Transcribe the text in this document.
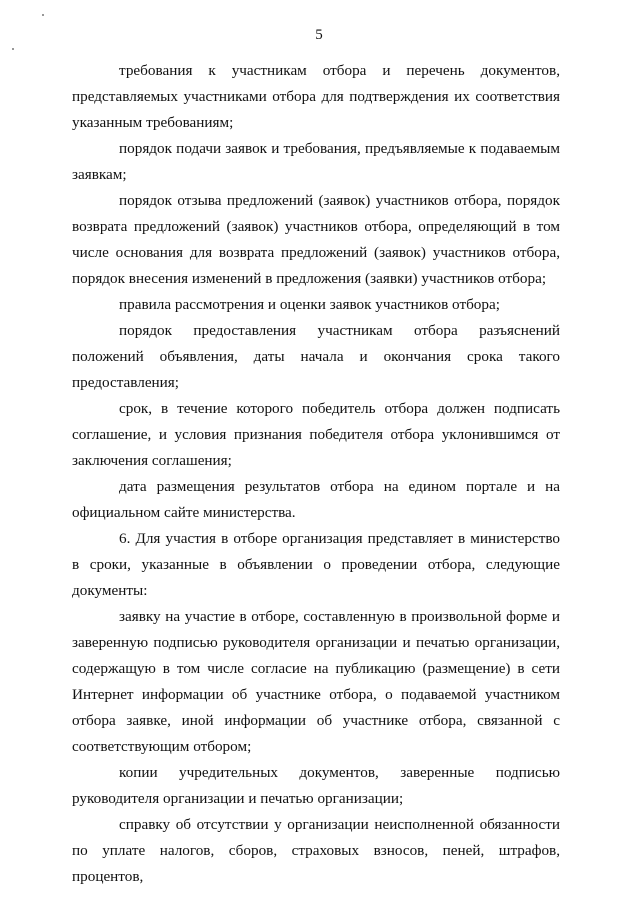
5

требования к участникам отбора и перечень документов, представляемых участниками отбора для подтверждения их соответствия указанным требованиям;

порядок подачи заявок и требования, предъявляемые к подаваемым заявкам;

порядок отзыва предложений (заявок) участников отбора, порядок возврата предложений (заявок) участников отбора, определяющий в том числе основания для возврата предложений (заявок) участников отбора, порядок внесения изменений в предложения (заявки) участников отбора;

правила рассмотрения и оценки заявок участников отбора;

порядок предоставления участникам отбора разъяснений положений объявления, даты начала и окончания срока такого предоставления;

срок, в течение которого победитель отбора должен подписать соглашение, и условия признания победителя отбора уклонившимся от заключения соглашения;

дата размещения результатов отбора на едином портале и на официальном сайте министерства.

6. Для участия в отборе организация представляет в министерство в сроки, указанные в объявлении о проведении отбора, следующие документы:

заявку на участие в отборе, составленную в произвольной форме и заверенную подписью руководителя организации и печатью организации, содержащую в том числе согласие на публикацию (размещение) в сети Интернет информации об участнике отбора, о подаваемой участником отбора заявке, иной информации об участнике отбора, связанной с соответствующим отбором;

копии учредительных документов, заверенные подписью руководителя организации и печатью организации;

справку об отсутствии у организации неисполненной обязанности по уплате налогов, сборов, страховых взносов, пеней, штрафов, процентов,
